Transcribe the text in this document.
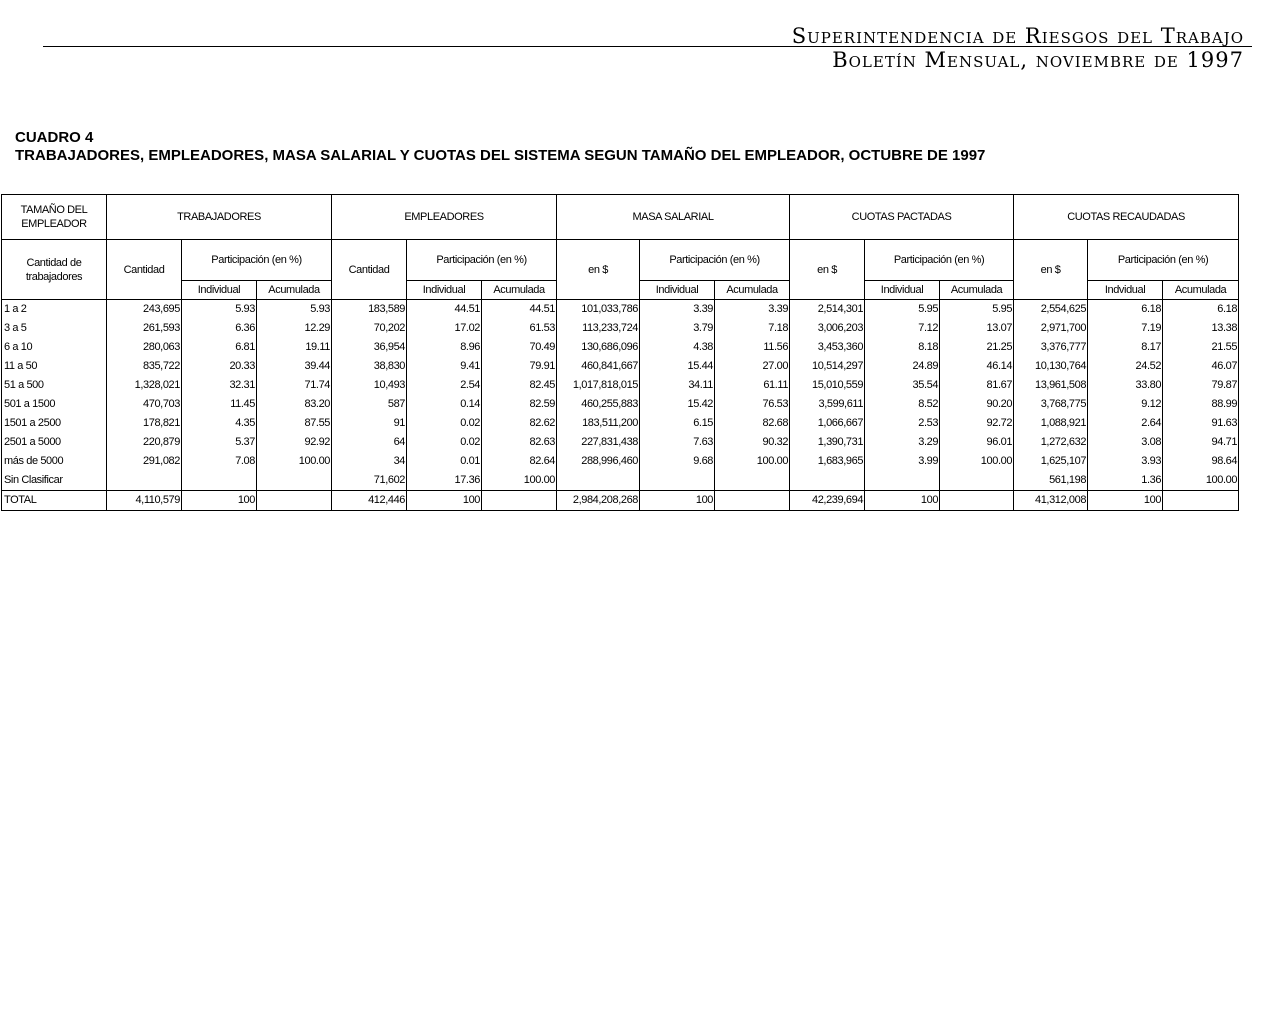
Superintendencia de Riesgos del Trabajo
Boletín Mensual, noviembre de 1997
CUADRO 4
TRABAJADORES, EMPLEADORES, MASA SALARIAL Y CUOTAS DEL SISTEMA SEGUN TAMAÑO DEL EMPLEADOR, OCTUBRE DE 1997
TAMAÑO DEL EMPLEADOR	TRABAJADORES			EMPLEADORES			MASA SALARIAL			CUOTAS PACTADAS			CUOTAS RECAUDADAS		
Cantidad de trabajadores	Cantidad	Participación (en %)		Cantidad	Participación (en %)		en $	Participación (en %)		en $	Participación (en %)		en $	Participación (en %)	
		Individual	Acumulada		Individual	Acumulada		Individual	Acumulada		Individual	Acumulada		Indvidual	Acumulada
1 a 2	243,695	5.93	5.93	183,589	44.51	44.51	101,033,786	3.39	3.39	2,514,301	5.95	5.95	2,554,625	6.18	6.18
3 a 5	261,593	6.36	12.29	70,202	17.02	61.53	113,233,724	3.79	7.18	3,006,203	7.12	13.07	2,971,700	7.19	13.38
6 a 10	280,063	6.81	19.11	36,954	8.96	70.49	130,686,096	4.38	11.56	3,453,360	8.18	21.25	3,376,777	8.17	21.55
11 a 50	835,722	20.33	39.44	38,830	9.41	79.91	460,841,667	15.44	27.00	10,514,297	24.89	46.14	10,130,764	24.52	46.07
51 a 500	1,328,021	32.31	71.74	10,493	2.54	82.45	1,017,818,015	34.11	61.11	15,010,559	35.54	81.67	13,961,508	33.80	79.87
501 a 1500	470,703	11.45	83.20	587	0.14	82.59	460,255,883	15.42	76.53	3,599,611	8.52	90.20	3,768,775	9.12	88.99
1501 a 2500	178,821	4.35	87.55	91	0.02	82.62	183,511,200	6.15	82.68	1,066,667	2.53	92.72	1,088,921	2.64	91.63
2501 a 5000	220,879	5.37	92.92	64	0.02	82.63	227,831,438	7.63	90.32	1,390,731	3.29	96.01	1,272,632	3.08	94.71
más de 5000	291,082	7.08	100.00	34	0.01	82.64	288,996,460	9.68	100.00	1,683,965	3.99	100.00	1,625,107	3.93	98.64
Sin Clasificar				71,602	17.36	100.00							561,198	1.36	100.00
TOTAL	4,110,579	100		412,446	100		2,984,208,268	100		42,239,694	100		41,312,008	100	
